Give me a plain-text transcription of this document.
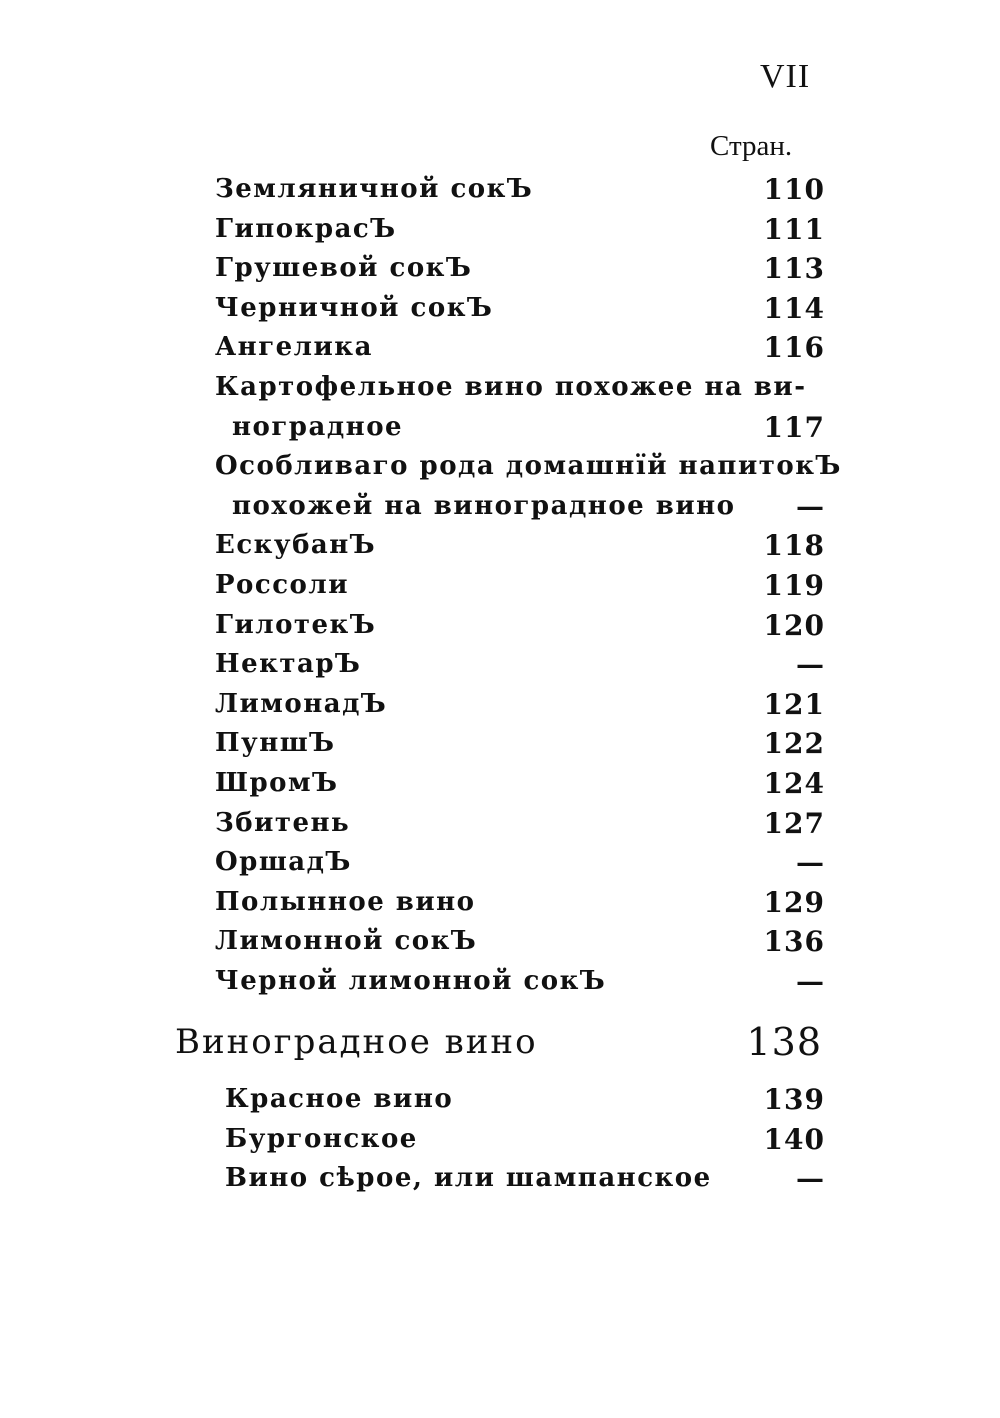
VII
Стран.
Земляничной сокЪ	110
ГипокрасЪ	111
Грушевой сокЪ	113
Черничной сокЪ	114
Ангелика	116
Картофельное вино похожее на ви-
ноградное	117
Особливаго рода домашнїй напитокЪ
похожей на виноградное вино —
ЕскубанЪ	118
Россоли	119
ГилотекЪ	120
НектарЪ	—
ЛимонадЪ	121
ПуншЪ	122
ШромЪ	124
Збитень	127
ОршадЪ	—
Полынное вино	129
Лимонной сокЪ	136
Черной лимонной сокЪ	—
Виноградное вино	138
Красное вино	139
Бургонское	140
Вино сѣрое, или шампанское	—
